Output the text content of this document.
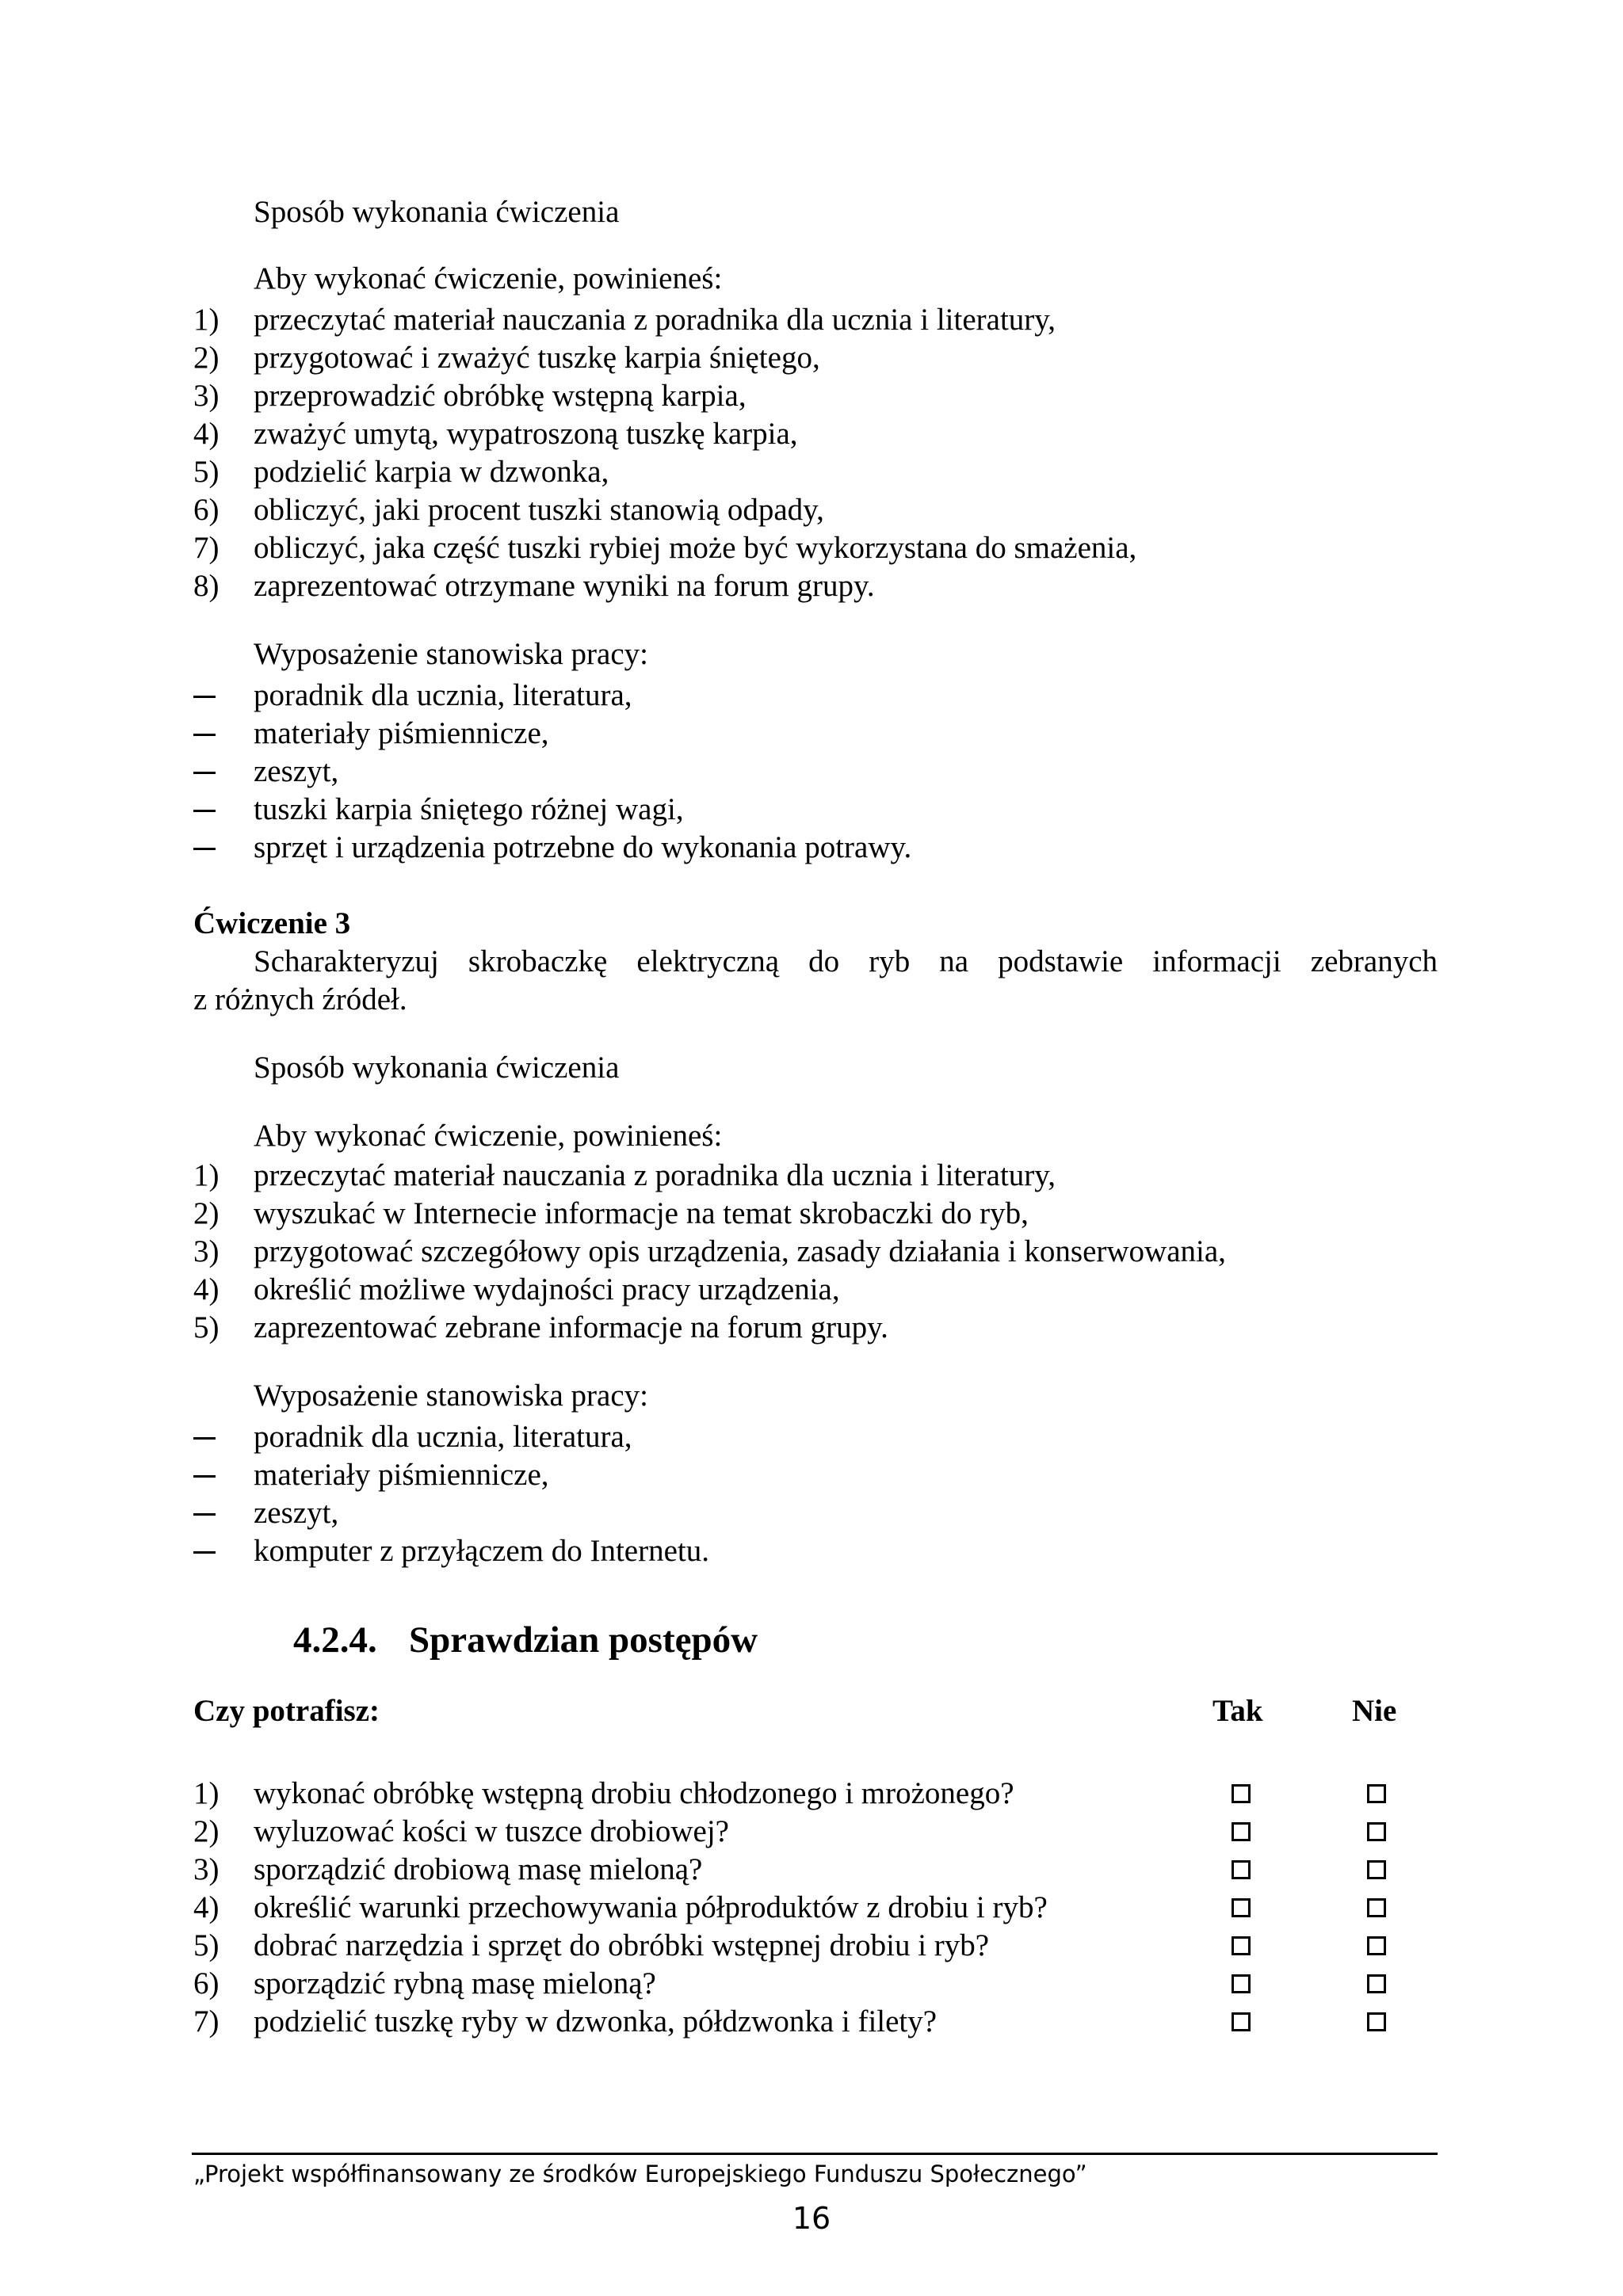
Sposób wykonania ćwiczenia
Aby wykonać ćwiczenie, powinieneś:
1) przeczytać materiał nauczania z poradnika dla ucznia i literatury,
2) przygotować i zważyć tuszkę karpia śniętego,
3) przeprowadzić obróbkę wstępną karpia,
4) zważyć umytą, wypatroszoną tuszkę karpia,
5) podzielić karpia w dzwonka,
6) obliczyć, jaki procent tuszki stanowią odpady,
7) obliczyć, jaka część tuszki rybiej może być wykorzystana do smażenia,
8) zaprezentować otrzymane wyniki na forum grupy.
Wyposażenie stanowiska pracy:
poradnik dla ucznia, literatura,
materiały piśmiennicze,
zeszyt,
tuszki karpia śniętego różnej wagi,
sprzęt i urządzenia potrzebne do wykonania potrawy.
Ćwiczenie 3
Scharakteryzuj skrobaczkę elektryczną do ryb na podstawie informacji zebranych
z różnych źródeł.
Sposób wykonania ćwiczenia
Aby wykonać ćwiczenie, powinieneś:
1) przeczytać materiał nauczania z poradnika dla ucznia i literatury,
2) wyszukać w Internecie informacje na temat skrobaczki do ryb,
3) przygotować szczegółowy opis urządzenia, zasady działania i konserwowania,
4) określić możliwe wydajności pracy urządzenia,
5) zaprezentować zebrane informacje na forum grupy.
Wyposażenie stanowiska pracy:
poradnik dla ucznia, literatura,
materiały piśmiennicze,
zeszyt,
komputer z przyłączem do Internetu.
4.2.4. Sprawdzian postępów
Czy potrafisz:	Tak	Nie
1) wykonać obróbkę wstępną drobiu chłodzonego i mrożonego?
2) wyluzować kości w tuszce drobiowej?
3) sporządzić drobiową masę mieloną?
4) określić warunki przechowywania półproduktów z drobiu i ryb?
5) dobrać narzędzia i sprzęt do obróbki wstępnej drobiu i ryb?
6) sporządzić rybną masę mieloną?
7) podzielić tuszkę ryby w dzwonka, półdzwonka i filety?
„Projekt współfinansowany ze środków Europejskiego Funduszu Społecznego”
16
